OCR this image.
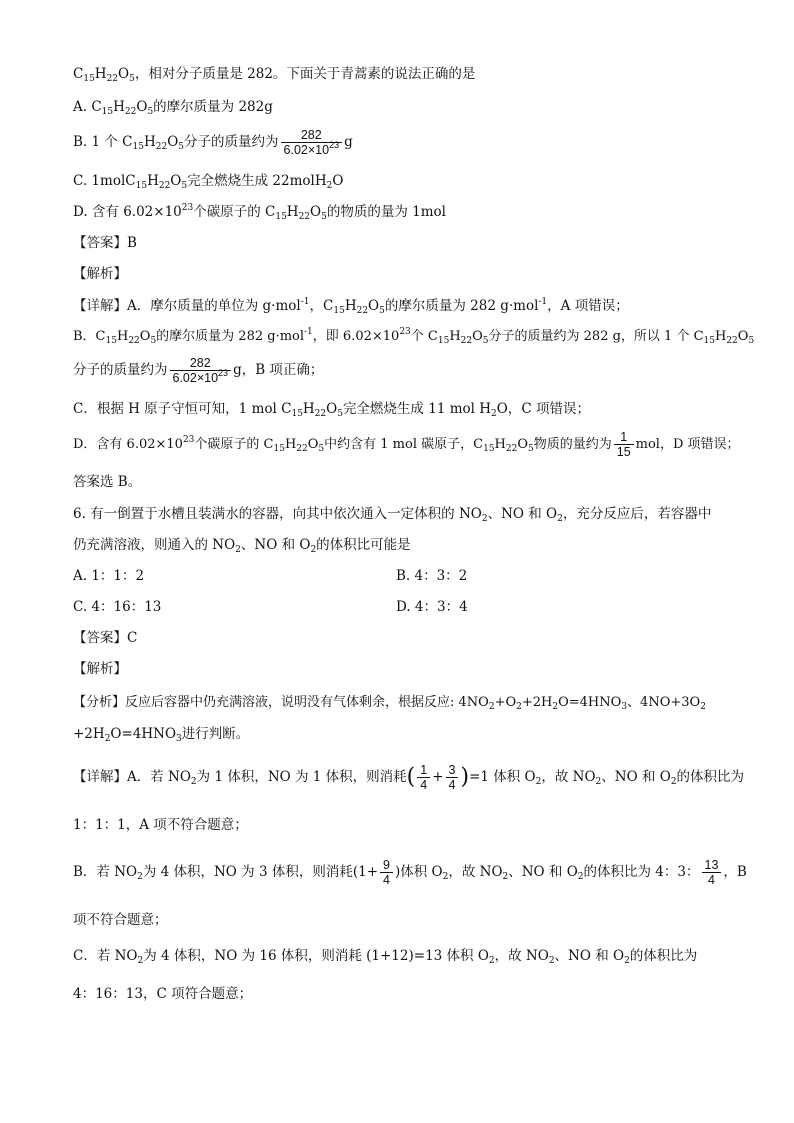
$C_{15}H_{22}O_5$，相对分子质量是 282。下面关于青蒿素的说法正确的是
A. $C_{15}H_{22}O_5$的摩尔质量为 282g
B. 1 个 $C_{15}H_{22}O_5$分子的质量约为 $\frac{282}{6.02\times 10^{23}}$ g
C. $1molC_{15}H_{22}O_5$完全燃烧生成 22molH$_2$O
D. 含有 $6.02\times 10^{23}$个碳原子的 $C_{15}H_{22}O_5$的物质的量为 1mol
【答案】B
【解析】
【详解】A．摩尔质量的单位为 g·mol$^{-1}$，$C_{15}H_{22}O_5$的摩尔质量为 282 g·mol$^{-1}$，A 项错误；
B．$C_{15}H_{22}O_5$的摩尔质量为 282 g·mol$^{-1}$，即 $6.02\times 10^{23}$个 $C_{15}H_{22}O_5$分子的质量约为 282 g，所以 1 个 $C_{15}H_{22}O_5$
分子的质量约为 $\frac{282}{6.02\times 10^{23}}$ g，B 项正确；
C．根据 H 原子守恒可知，1 mol $C_{15}H_{22}O_5$完全燃烧生成 11 mol $H_2O$，C 项错误；
D．含有 $6.02\times 10^{23}$个碳原子的 $C_{15}H_{22}O_5$中约含有 1 mol 碳原子，$C_{15}H_{22}O_5$物质的量约为 $\frac{1}{15}$ mol，D 项错误；
答案选 B。
6. 有一倒置于水槽且装满水的容器，向其中依次通入一定体积的 $NO_2$、NO 和 $O_2$，充分反应后，若容器中
仍充满溶液，则通入的 $NO_2$、NO 和 $O_2$的体积比可能是
A. 1：1：2	B. 4：3：2
C. 4：16：13	D. 4：3：4
【答案】C
【解析】
【分析】反应后容器中仍充满溶液，说明没有气体剩余，根据反应: $4NO_2+O_2+2H_2O=4HNO_3$、$4NO+3O_2$
$+2H_2O=4HNO_3$进行判断。
【详解】A．若 $NO_2$为 1 体积，NO 为 1 体积，则消耗( $\frac{1}{4} + \frac{3}{4} )=1$ 体积 $O_2$，故 $NO_2$、NO 和 $O_2$的体积比为
1：1：1，A 项不符合题意；
B．若 $NO_2$为 4 体积，NO 为 3 体积，则消耗($1+ \frac{9}{4}$ )体积 $O_2$，故 $NO_2$、NO 和 $O_2$的体积比为 4：3： $\frac{13}{4}$ ，B
项不符合题意；
C．若 $NO_2$为 4 体积，NO 为 16 体积，则消耗 (1+12)=13 体积 $O_2$，故 $NO_2$、NO 和 $O_2$的体积比为
4：16：13，C 项符合题意；
